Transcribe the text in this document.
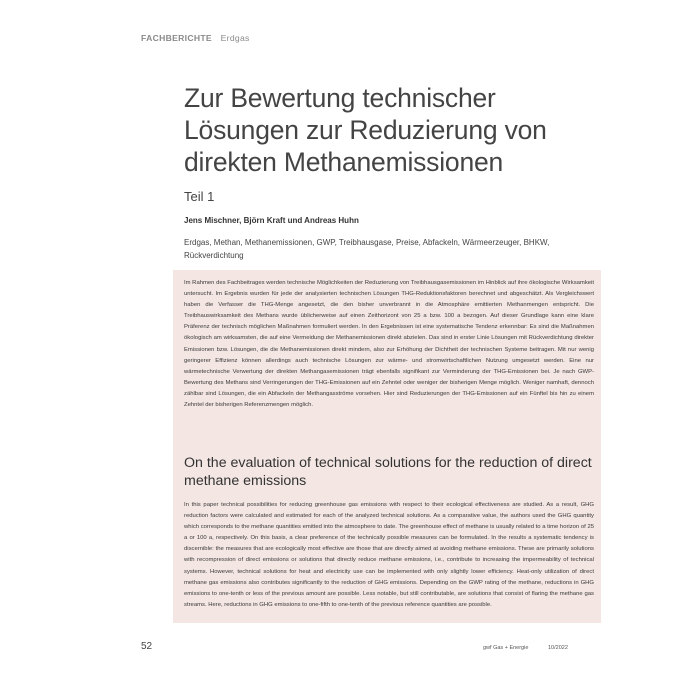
FACHBERICHTE Erdgas
Zur Bewertung technischer Lösungen zur Reduzierung von direkten Methanemissionen
Teil 1
Jens Mischner, Björn Kraft und Andreas Huhn
Erdgas, Methan, Methanemissionen, GWP, Treibhausgase, Preise, Abfackeln, Wärmeerzeuger, BHKW, Rückverdichtung

Im Rahmen des Fachbeitrages werden technische Möglichkeiten der Reduzierung von Treibhausgasemissionen im Hinblick auf ihre ökologische Wirksamkeit untersucht. Im Ergebnis wurden für jede der analysierten technischen Lösungen THG-Reduktionsfaktoren berechnet und abgeschätzt. Als Vergleichswert haben die Verfasser die THG-Menge angesetzt, die den bisher unverbrannt in die Atmosphäre emittierten Methanmengen entspricht. Die Treibhauswirksamkeit des Methans wurde üblicherweise auf einen Zeithorizont von 25 a bzw. 100 a bezogen. Auf dieser Grundlage kann eine klare Präferenz der technisch möglichen Maßnahmen formuliert werden. In den Ergebnissen ist eine systematische Tendenz erkennbar: Es sind die Maßnahmen ökologisch am wirksamsten, die auf eine Vermeidung der Methanemissionen direkt abzielen. Das sind in erster Linie Lösungen mit Rückverdichtung direkter Emissionen bzw. Lösungen, die die Methanemissionen direkt mindern, also zur Erhöhung der Dichtheit der technischen Systeme beitragen. Mit nur wenig geringerer Effizienz können allerdings auch technische Lösungen zur wärme- und stromwirtschaftlichen Nutzung umgesetzt werden. Eine nur wärmetechnische Verwertung der direkten Methangasemissionen trägt ebenfalls signifikant zur Verminderung der THG-Emissionen bei. Je nach GWP-Bewertung des Methans sind Verringerungen der THG-Emissionen auf ein Zehntel oder weniger der bisherigen Menge möglich. Weniger namhaft, dennoch zählbar sind Lösungen, die ein Abfackeln der Methangasströme vorsehen. Hier sind Reduzierungen der THG-Emissionen auf ein Fünftel bis hin zu einem Zehntel der bisherigen Referenzmengen möglich.

On the evaluation of technical solutions for the reduction of direct methane emissions

In this paper technical possibilities for reducing greenhouse gas emissions with respect to their ecological effectiveness are studied. As a result, GHG reduction factors were calculated and estimated for each of the analyzed technical solutions. As a comparative value, the authors used the GHG quantity which corresponds to the methane quantities emitted into the atmosphere to date. The greenhouse effect of methane is usually related to a time horizon of 25 a or 100 a, respectively. On this basis, a clear preference of the technically possible measures can be formulated. In the results a systematic tendency is discernible: the measures that are ecologically most effective are those that are directly aimed at avoiding methane emissions. These are primarily solutions with recompression of direct emissions or solutions that directly reduce methane emissions, i.e., contribute to increasing the impermeability of technical systems. However, technical solutions for heat and electricity use can be implemented with only slightly lower efficiency. Heat-only utilization of direct methane gas emissions also contributes significantly to the reduction of GHG emissions. Depending on the GWP rating of the methane, reductions in GHG emissions to one-tenth or less of the previous amount are possible. Less notable, but still contributable, are solutions that consist of flaring the methane gas streams. Here, reductions in GHG emissions to one-fifth to one-tenth of the previous reference quantities are possible.

52	gwf Gas + Energie	10/2022
